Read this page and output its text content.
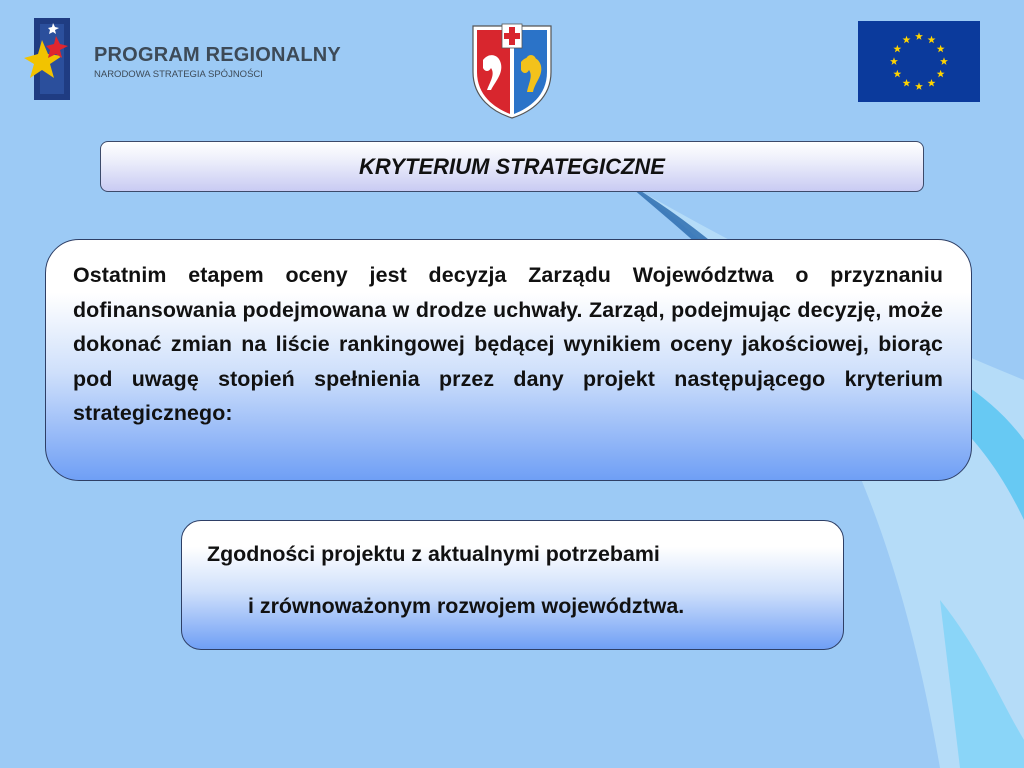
PROGRAM REGIONALNY
NARODOWA STRATEGIA SPÓJNOŚCI
KRYTERIUM STRATEGICZNE

Ostatnim etapem oceny jest decyzja Zarządu Województwa o przyznaniu dofinansowania podejmowana w drodze uchwały. Zarząd, podejmując decyzję, może dokonać zmian na liście rankingowej będącej wynikiem oceny jakościowej, biorąc pod uwagę stopień spełnienia przez dany projekt następującego kryterium strategicznego:

Zgodności projektu z aktualnymi potrzebami
i zrównoważonym rozwojem województwa.
